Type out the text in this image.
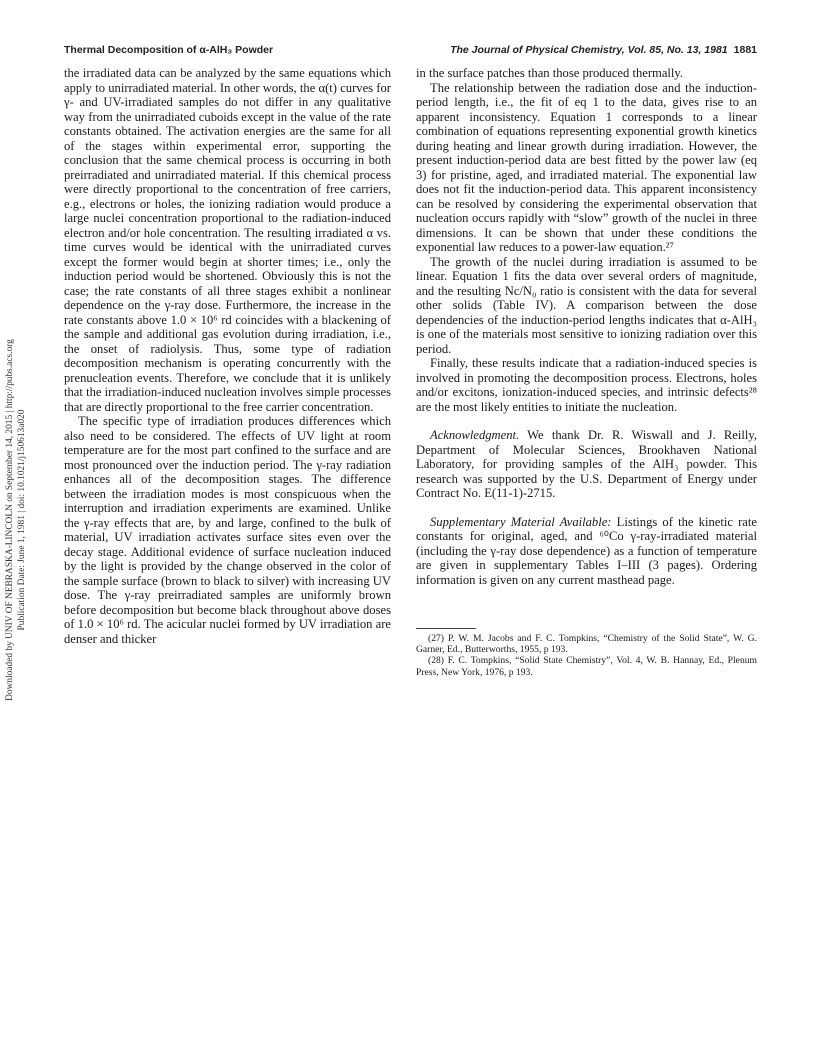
Thermal Decomposition of α-AlH₃ Powder	The Journal of Physical Chemistry, Vol. 85, No. 13, 1981 1881
Downloaded by UNIV OF NEBRASKA-LINCOLN on September 14, 2015 | http://pubs.acs.org Publication Date: June 1, 1981 | doi: 10.1021/j150613a020

the irradiated data can be analyzed by the same equations which apply to unirradiated material. In other words, the α(t) curves for γ- and UV-irradiated samples do not differ in any qualitative way from the unirradiated cuboids except in the value of the rate constants obtained. The activation energies are the same for all of the stages within experimental error, supporting the conclusion that the same chemical process is occurring in both preirradiated and unirradiated material. If this chemical process were directly proportional to the concentration of free carriers, e.g., electrons or holes, the ionizing radiation would produce a large nuclei concentration proportional to the radiation-induced electron and/or hole concentration. The resulting irradiated α vs. time curves would be identical with the unirradiated curves except the former would begin at shorter times; i.e., only the induction period would be shortened. Obviously this is not the case; the rate constants of all three stages exhibit a nonlinear dependence on the γ-ray dose. Furthermore, the increase in the rate constants above 1.0 × 10⁶ rd coincides with a blackening of the sample and additional gas evolution during irradiation, i.e., the onset of radiolysis. Thus, some type of radiation decomposition mechanism is operating concurrently with the prenucleation events. Therefore, we conclude that it is unlikely that the irradiation-induced nucleation involves simple processes that are directly proportional to the free carrier concentration.

The specific type of irradiation produces differences which also need to be considered. The effects of UV light at room temperature are for the most part confined to the surface and are most pronounced over the induction period. The γ-ray radiation enhances all of the decomposition stages. The difference between the irradiation modes is most conspicuous when the interruption and irradiation experiments are examined. Unlike the γ-ray effects that are, by and large, confined to the bulk of material, UV irradiation activates surface sites even over the decay stage. Additional evidence of surface nucleation induced by the light is provided by the change observed in the color of the sample surface (brown to black to silver) with increasing UV dose. The γ-ray preirradiated samples are uniformly brown before decomposition but become black throughout above doses of 1.0 × 10⁶ rd. The acicular nuclei formed by UV irradiation are denser and thicker

in the surface patches than those produced thermally.

The relationship between the radiation dose and the induction-period length, i.e., the fit of eq 1 to the data, gives rise to an apparent inconsistency. Equation 1 corresponds to a linear combination of equations representing exponential growth kinetics during heating and linear growth during irradiation. However, the present induction-period data are best fitted by the power law (eq 3) for pristine, aged, and irradiated material. The exponential law does not fit the induction-period data. This apparent inconsistency can be resolved by considering the experimental observation that nucleation occurs rapidly with “slow” growth of the nuclei in three dimensions. It can be shown that under these conditions the exponential law reduces to a power-law equation.²⁷

The growth of the nuclei during irradiation is assumed to be linear. Equation 1 fits the data over several orders of magnitude, and the resulting Nc/N₀ ratio is consistent with the data for several other solids (Table IV). A comparison between the dose dependencies of the induction-period lengths indicates that α-AlH₃ is one of the materials most sensitive to ionizing radiation over this period.

Finally, these results indicate that a radiation-induced species is involved in promoting the decomposition process. Electrons, holes and/or excitons, ionization-induced species, and intrinsic defects²⁸ are the most likely entities to initiate the nucleation.

Acknowledgment. We thank Dr. R. Wiswall and J. Reilly, Department of Molecular Sciences, Brookhaven National Laboratory, for providing samples of the AlH₃ powder. This research was supported by the U.S. Department of Energy under Contract No. E(11-1)-2715.

Supplementary Material Available: Listings of the kinetic rate constants for original, aged, and ⁶⁰Co γ-ray-irradiated material (including the γ-ray dose dependence) as a function of temperature are given in supplementary Tables I–III (3 pages). Ordering information is given on any current masthead page.

(27) P. W. M. Jacobs and F. C. Tompkins, “Chemistry of the Solid State”, W. G. Garner, Ed., Butterworths, 1955, p 193.

(28) F. C. Tompkins, “Solid State Chemistry”, Vol. 4, W. B. Hannay, Ed., Plenum Press, New York, 1976, p 193.
